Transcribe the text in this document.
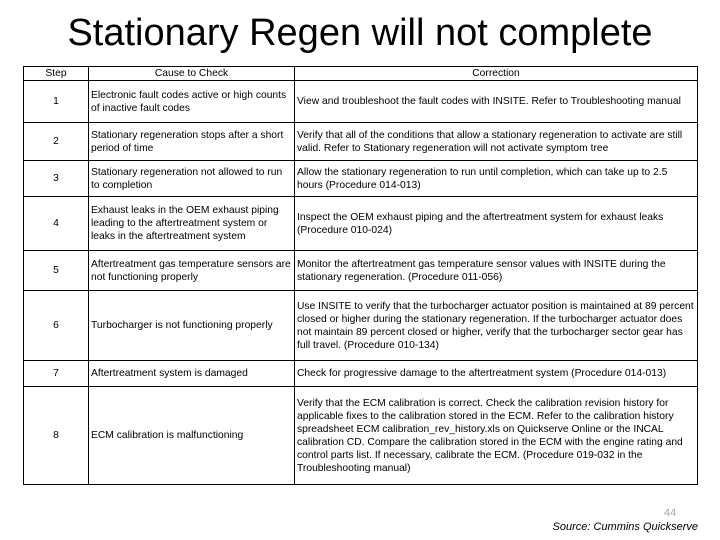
Stationary Regen will not complete
Step	Cause to Check	Correction
1	Electronic fault codes active or high counts of inactive fault codes	View and troubleshoot the fault codes with INSITE. Refer to Troubleshooting manual
2	Stationary regeneration stops after a short period of time	Verify that all of the conditions that allow a stationary regeneration to activate are still valid. Refer to Stationary regeneration will not activate symptom tree
3	Stationary regeneration not allowed to run to completion	Allow the stationary regeneration to run until completion, which can take up to 2.5 hours (Procedure 014-013)
4	Exhaust leaks in the OEM exhaust piping leading to the aftertreatment system or leaks in the aftertreatment system	Inspect the OEM exhaust piping and the aftertreatment system for exhaust leaks (Procedure 010-024)
5	Aftertreatment gas temperature sensors are not functioning properly	Monitor the aftertreatment gas temperature sensor values with INSITE during the stationary regeneration. (Procedure 011-056)
6	Turbocharger is not functioning properly	Use INSITE to verify that the turbocharger actuator position is maintained at 89 percent closed or higher during the stationary regeneration. If the turbocharger actuator does not maintain 89 percent closed or higher, verify that the turbocharger sector gear has full travel. (Procedure 010-134)
7	Aftertreatment system is damaged	Check for progressive damage to the aftertreatment system (Procedure 014-013)
8	ECM calibration is malfunctioning	Verify that the ECM calibration is correct. Check the calibration revision history for applicable fixes to the calibration stored in the ECM. Refer to the calibration history spreadsheet ECM calibration_rev_history.xls on Quickserve Online or the INCAL calibration CD. Compare the calibration stored in the ECM with the engine rating and control parts list. If necessary, calibrate the ECM. (Procedure 019-032 in the Troubleshooting manual)
44
Source: Cummins Quickserve
